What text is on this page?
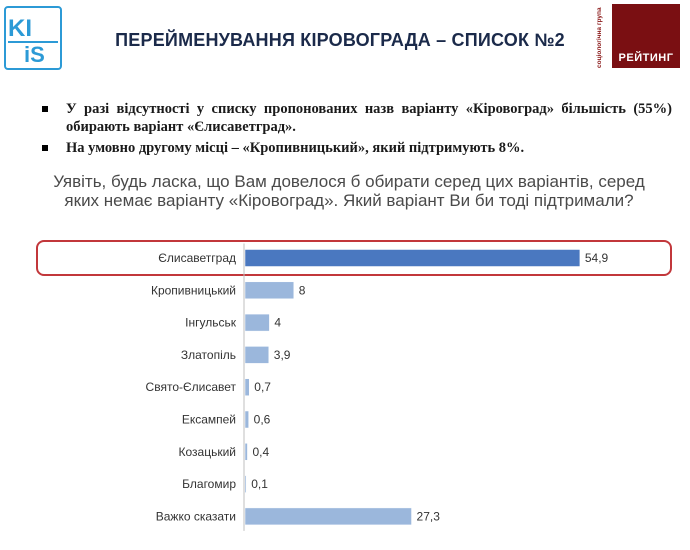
KI
iS
ПЕРЕЙМЕНУВАННЯ КІРОВОГРАДА – СПИСОК №2	соціологічна група	РЕЙТИНГ
У разі відсутності у списку пропонованих назв варіанту «Кіровоград» більшість (55%) обирають варіант «Єлисаветград».
На умовно другому місці – «Кропивницький», який підтримують 8%.
Уявіть, будь ласка, що Вам довелося б обирати серед цих варіантів, серед яких немає варіанту «Кіровоград». Який варіант Ви би тоді підтримали?
Єлисаветград	54,9
Кропивницький	8
Інгульськ	4
Златопіль	3,9
Свято-Єлисавет 0,7
Ексампей 0,6
Козацький 0,4
Благомир 0,1
Важко сказати	27,3
